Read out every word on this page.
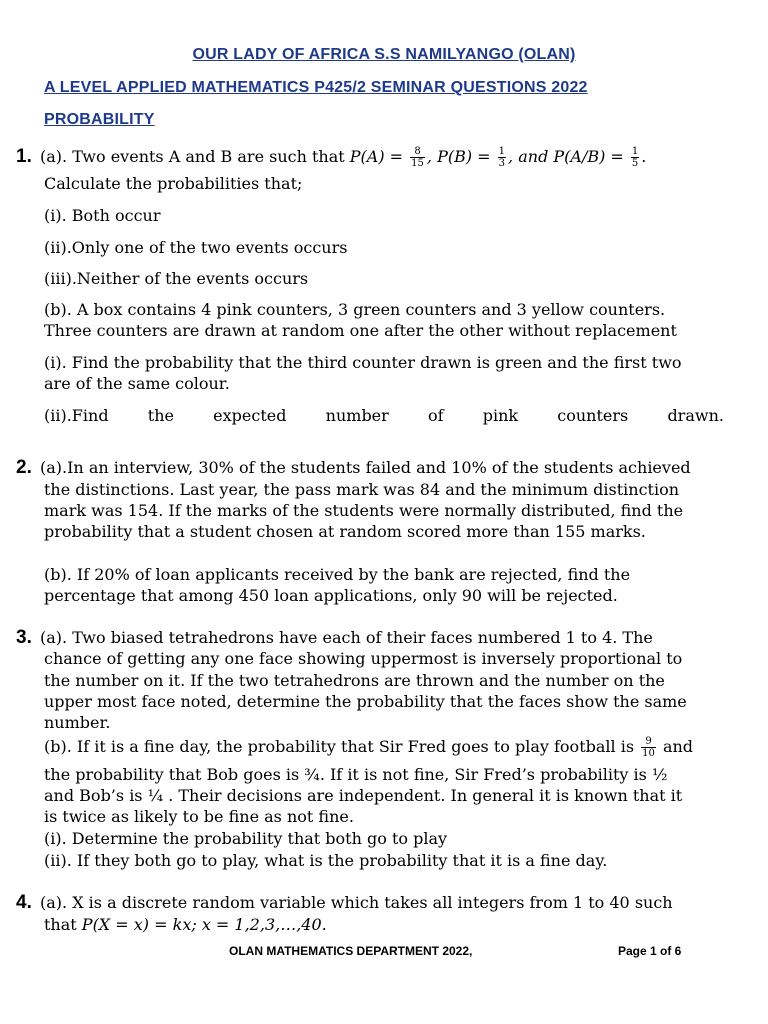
OUR LADY OF AFRICA S.S NAMILYANGO (OLAN)
A LEVEL APPLIED MATHEMATICS P425/2 SEMINAR QUESTIONS 2022
PROBABILITY
1. (a). Two events A and B are such that $P(A) = \frac{8}{15}$ , $P(B) = \frac{1}{3}$ , and $P(A/B) = \frac{1}{5}$ .
Calculate the probabilities that;
(i). Both occur
(ii).Only one of the two events occurs
(iii).Neither of the events occurs
(b). A box contains 4 pink counters, 3 green counters and 3 yellow counters.
Three counters are drawn at random one after the other without replacement
(i). Find the probability that the third counter drawn is green and the first two
are of the same colour.
(ii).Find the expected number of pink counters drawn.
2. (a).In an interview, 30% of the students failed and 10% of the students achieved
the distinctions. Last year, the pass mark was 84 and the minimum distinction
mark was 154. If the marks of the students were normally distributed, find the
probability that a student chosen at random scored more than 155 marks.
(b). If 20% of loan applicants received by the bank are rejected, find the
percentage that among 450 loan applications, only 90 will be rejected.
3. (a). Two biased tetrahedrons have each of their faces numbered 1 to 4. The
chance of getting any one face showing uppermost is inversely proportional to
the number on it. If the two tetrahedrons are thrown and the number on the
upper most face noted, determine the probability that the faces show the same
number.
(b). If it is a fine day, the probability that Sir Fred goes to play football is $\frac{9}{10}$ and
the probability that Bob goes is ¾. If it is not fine, Sir Fred’s probability is ½
and Bob’s is ¼ . Their decisions are independent. In general it is known that it
is twice as likely to be fine as not fine.
(i). Determine the probability that both go to play
(ii). If they both go to play, what is the probability that it is a fine day.
4. (a). X is a discrete random variable which takes all integers from 1 to 40 such
that P(X = x) = kx; x = 1,2,3,…,40.
OLAN MATHEMATICS DEPARTMENT 2022,	Page 1 of 6
